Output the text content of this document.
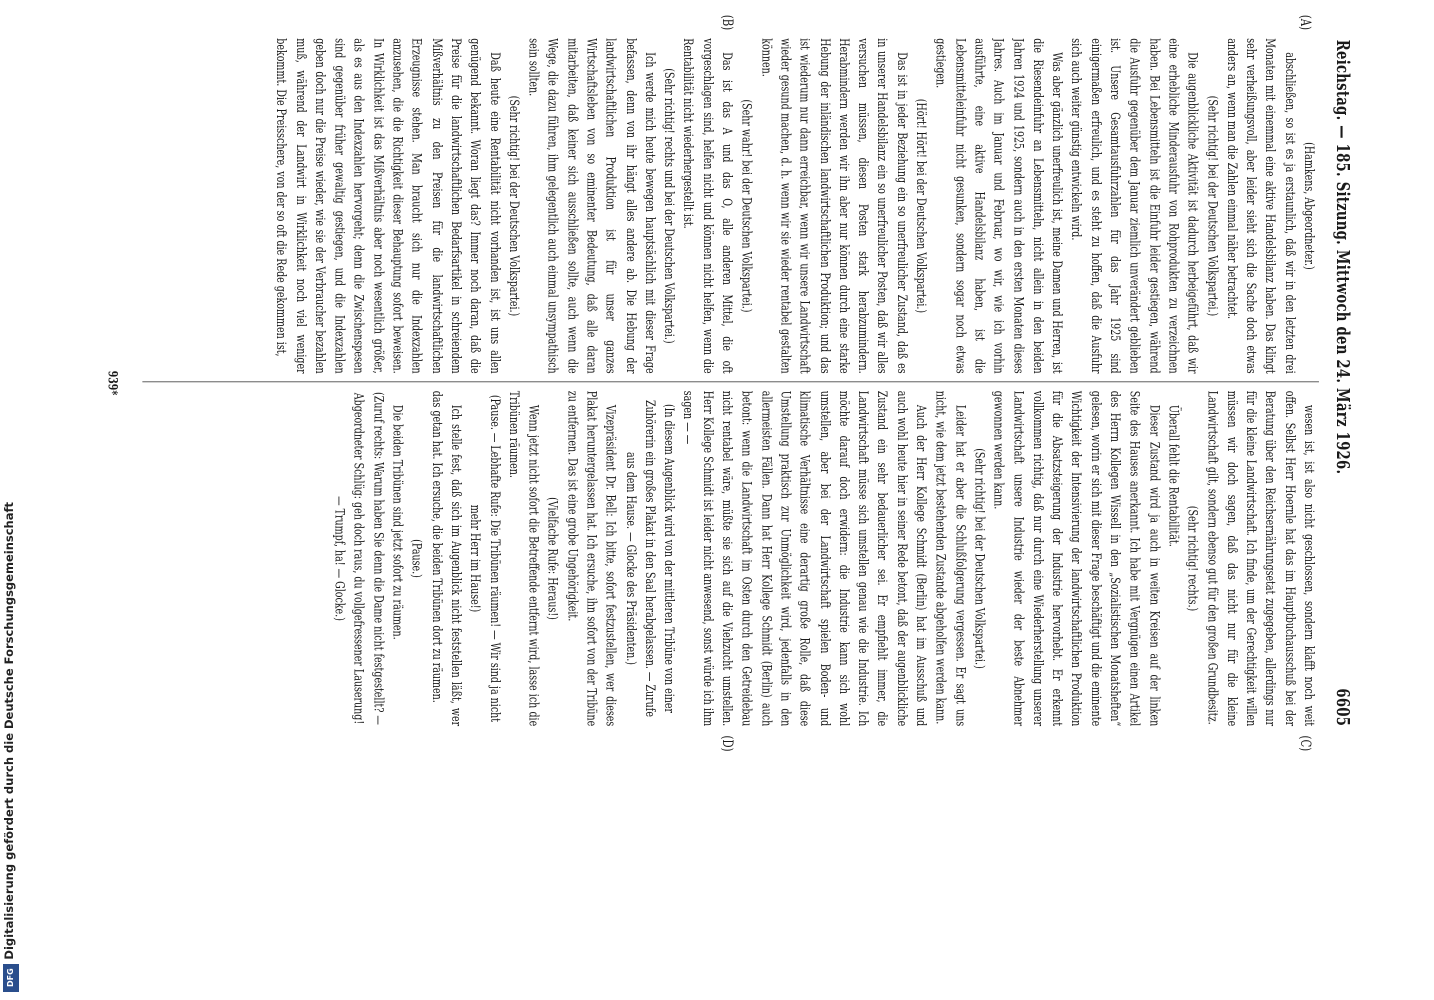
Digitalisierung gefördert durch die Deutsche Forschungsgemeinschaft
DFG
Reichstag. — 185. Sitzung. Mittwoch den 24. März 1926.
6605
(A)
(B)
(C)
(D)

(Hamkens, Abgeordneter.)

abschließen, so ist es ja erstaunlich, daß wir in den letzten drei Monaten mit einemmal eine aktive Handelsbilanz haben. Das klingt sehr verheißungsvoll, aber leider sieht sich die Sache doch etwas anders an, wenn man die Zahlen einmal näher betrachtet.

(Sehr richtig! bei der Deutschen Volkspartei.)

Die augenblickliche Aktivität ist dadurch herbeigeführt, daß wir eine erhebliche Minderausfuhr von Rohprodukten zu verzeichnen haben. Bei Lebensmitteln ist die Einfuhr leider gestiegen, während die Ausfuhr gegenüber dem Januar ziemlich unverändert geblieben ist. Unsere Gesamtausfuhrzahlen für das Jahr 1925 sind einigermaßen erfreulich, und es steht zu hoffen, daß die Ausfuhr sich auch weiter günstig entwickeln wird.

Was aber gänzlich unerfreulich ist, meine Damen und Herren, ist die Riesendeinfuhr an Lebensmitteln, nicht allein in den beiden Jahren 1924 und 1925, sondern auch in den ersten Monaten dieses Jahres. Auch im Januar und Februar, wo wir, wie ich vorhin ausführte, eine aktive Handelsbilanz haben, ist die Lebensmitteleinfuhr nicht gesunken, sondern sogar noch etwas gestiegen.

(Hört! Hört! bei der Deutschen Volkspartei.)

Das ist in jeder Beziehung ein so unerfreulicher Zustand, daß es in unserer Handelsbilanz ein so unerfreulicher Posten, daß wir alles versuchen müssen, diesen Posten stark herabzumindern. Herabmindern werden wir ihn aber nur können durch eine starke Hebung der inländischen landwirtschaftlichen Produktion; und das ist wiederum nur dann erreichbar, wenn wir unsere Landwirtschaft wieder gesund machen, d. h. wenn wir sie wieder rentabel gestalten können.

(Sehr wahr! bei der Deutschen Volkspartei.)

Das ist das A und das O, alle anderen Mittel, die oft vorgeschlagen sind, helfen nicht und können nicht helfen, wenn die Rentabilität nicht wiederhergestellt ist.

(Sehr richtig! rechts und bei der Deutschen Volkspartei.)

Ich werde mich heute bewegen hauptsächlich mit dieser Frage befassen, denn von ihr hängt alles andere ab. Die Hebung der landwirtschaftlichen Produktion ist für unser ganzes Wirtschaftsleben von so eminenter Bedeutung, daß alle daran mitarbeiten, daß keiner sich ausschließen sollte, auch wenn die Wege, die dazu führen, ihm gelegentlich auch einmal unsympathisch sein sollten.

(Sehr richtig! bei der Deutschen Volkspartei.)

Daß heute eine Rentabilität nicht vorhanden ist, ist uns allen genügend bekannt. Woran liegt das? Immer noch daran, daß die Preise für die landwirtschaftlichen Bedarfsartikel in schreiendem Mißverhältnis zu den Preisen für die landwirtschaftlichen Erzeugnisse stehen. Man braucht sich nur die Indexzahlen anzusehen, die die Richtigkeit dieser Behauptung sofort beweisen. In Wirklichkeit ist das Mißverhältnis aber noch wesentlich größer, als es aus den Indexzahlen hervorgeht; denn die Zwischenspesen sind gegenüber früher gewaltig gestiegen, und die Indexzahlen geben doch nur die Preise wieder, wie sie der Verbraucher bezahlen muß, während der Landwirt in Wirklichkeit noch viel weniger bekommt. Die Preisschere, von der so oft die Rede gekommen ist,

wesen ist, ist also nicht geschlossen, sondern klafft noch weit offen. Selbst Herr Hoernle hat das im Hauptbuchausschuß bei der Beratung über den Reichsernährungsetat zugegeben, allerdings nur für die kleine Landwirtschaft. Ich finde, um der Gerechtigkeit willen müssen wir doch sagen, daß das nicht nur für die kleine Landwirtschaft gilt, sondern ebenso gut für den großen Grundbesitz.

(Sehr richtig! rechts.)

Überall fehlt die Rentabilität.

Dieser Zustand wird ja auch in weiten Kreisen auf der linken Seite des Hauses anerkannt. Ich habe mit Vergnügen einen Artikel des Herrn Kollegen Wissell in den „Sozialistischen Monatsheften“ gelesen, worin er sich mit dieser Frage beschäftigt und die eminente Wichtigkeit der Intensivierung der landwirtschaftlichen Produktion für die Absatzsteigerung der Industrie hervorhebt. Er erkennt vollkommen richtig, daß nur durch eine Wiederherstellung unserer Landwirtschaft unsere Industrie wieder der beste Abnehmer gewonnen werden kann.

(Sehr richtig! bei der Deutschen Volkspartei.)

Leider hat er aber die Schlußfolgerung vergessen. Er sagt uns nicht, wie dem jetzt bestehenden Zustande abgeholfen werden kann.

Auch der Herr Kollege Schmidt (Berlin) hat im Ausschuß und auch wohl heute hier in seiner Rede betont, daß der augenblickliche Zustand ein sehr bedauerlicher sei. Er empfiehlt immer, die Landwirtschaft müsse sich umstellen genau wie die Industrie. Ich möchte darauf doch erwidern: die Industrie kann sich wohl umstellen, aber bei der Landwirtschaft spielen Boden- und klimatische Verhältnisse eine derartig große Rolle, daß diese Umstellung praktisch zur Unmöglichkeit wird, jedenfalls in den allermeisten Fällen. Dann hat Herr Kollege Schmidt (Berlin) auch betont: wenn die Landwirtschaft im Osten durch den Getreidebau nicht rentabel wäre, müßte sie sich auf die Viehzucht umstellen. Herr Kollege Schmidt ist leider nicht anwesend, sonst würde ich ihm sagen — —

(In diesem Augenblick wird von der mittleren Tribüne von einer Zuhörerin ein großes Plakat in den Saal herabgelassen. — Zurufe aus dem Hause. — Glocke des Präsidenten.)

Vizepräsident Dr. Bell: Ich bitte, sofort festzustellen, wer dieses Plakat heruntergelassen hat. Ich ersuche, ihn sofort von der Tribüne zu entfernen. Das ist eine grobe Ungehörigkeit.

(Vielfache Rufe: Heraus!)

Wenn jetzt nicht sofort die Betreffende entfernt wird, lasse ich die Tribünen räumen.

(Pause. — Lebhafte Rufe: Die Tribünen räumen! — Wir sind ja nicht mehr Herr im Hause!)

Ich stelle fest, daß sich im Augenblick nicht feststellen läßt, wer das getan hat. Ich ersuche, die beiden Tribünen dort zu räumen.

(Pause.)

Die beiden Tribünen sind jetzt sofort zu räumen.

(Zuruf rechts: Warum haben Sie denn die Dame nicht festgestellt? — Abgeordneter Schlüg: geh doch raus, du vollgefressener Lauserung! — Trumpf, ha! — Glocke.)

939*
